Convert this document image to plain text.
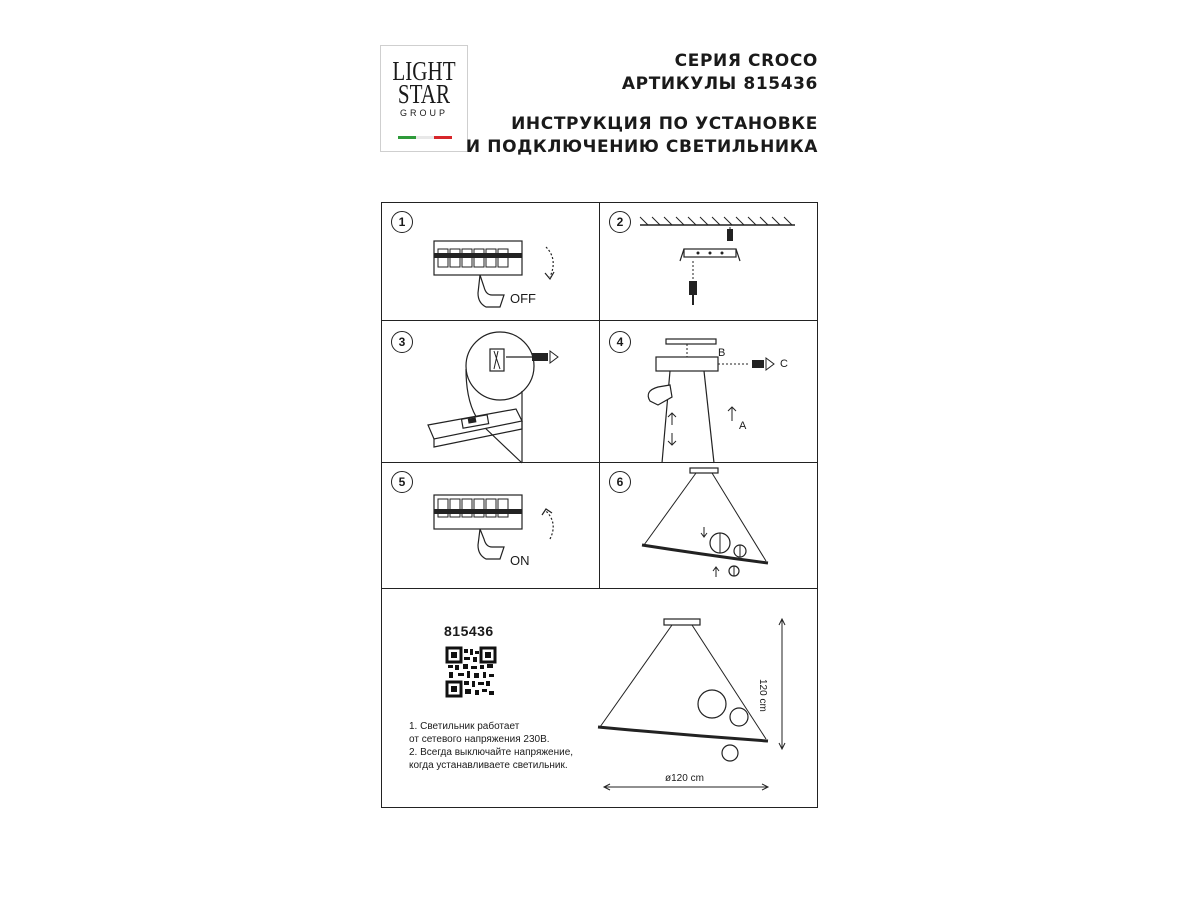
LIGHT
STAR
GROUP
СЕРИЯ CROCO
АРТИКУЛЫ 815436
ИНСТРУКЦИЯ ПО УСТАНОВКЕ
И ПОДКЛЮЧЕНИЮ СВЕТИЛЬНИКА
1
OFF
2
3	4
B
C
A
5
ON
6
815436
1. Светильник работает
от сетевого напряжения 230В.
2. Всегда выключайте напряжение,
когда устанавливаете светильник.
120 cm
ø120 cm
